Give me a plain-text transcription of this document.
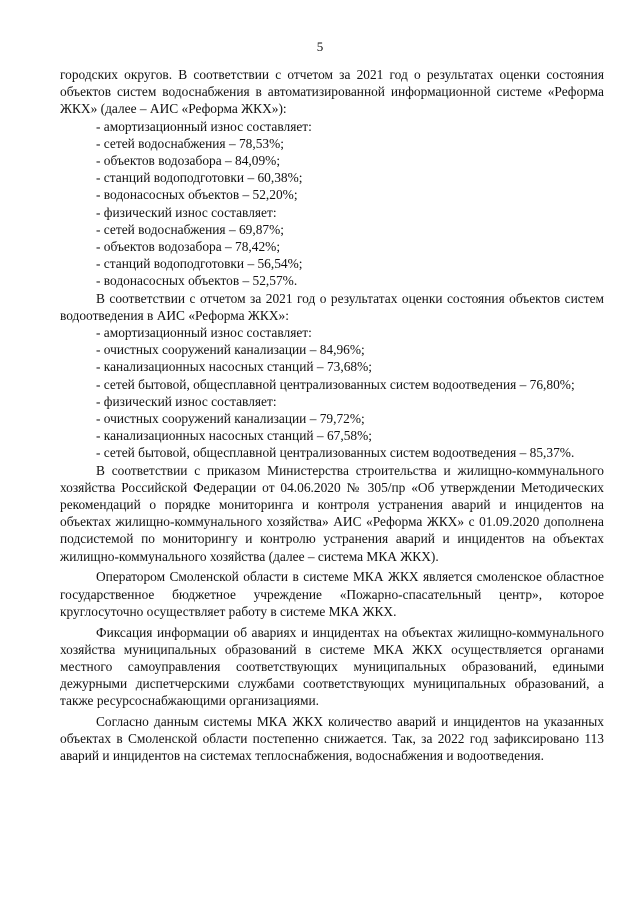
5

городских округов. В соответствии с отчетом за 2021 год о результатах оценки состояния объектов систем водоснабжения в автоматизированной информационной системе «Реформа ЖКХ» (далее – АИС «Реформа ЖКХ»):

- амортизационный износ составляет:

- сетей водоснабжения – 78,53%;

- объектов водозабора – 84,09%;

- станций водоподготовки – 60,38%;

- водонасосных объектов – 52,20%;

- физический износ составляет:

- сетей водоснабжения – 69,87%;

- объектов водозабора – 78,42%;

- станций водоподготовки – 56,54%;

- водонасосных объектов – 52,57%.

В соответствии с отчетом за 2021 год о результатах оценки состояния объектов систем водоотведения в АИС «Реформа ЖКХ»:

- амортизационный износ составляет:

- очистных сооружений канализации – 84,96%;

- канализационных насосных станций – 73,68%;

- сетей бытовой, общесплавной централизованных систем водоотведения – 76,80%;

- физический износ составляет:

- очистных сооружений канализации – 79,72%;

- канализационных насосных станций – 67,58%;

- сетей бытовой, общесплавной централизованных систем водоотведения – 85,37%.

В соответствии с приказом Министерства строительства и жилищно-коммунального хозяйства Российской Федерации от 04.06.2020 № 305/пр «Об утверждении Методических рекомендаций о порядке мониторинга и контроля устранения аварий и инцидентов на объектах жилищно-коммунального хозяйства» АИС «Реформа ЖКХ» с 01.09.2020 дополнена подсистемой по мониторингу и контролю устранения аварий и инцидентов на объектах жилищно-коммунального хозяйства (далее – система МКА ЖКХ).

Оператором Смоленской области в системе МКА ЖКХ является смоленское областное государственное бюджетное учреждение «Пожарно-спасательный центр», которое круглосуточно осуществляет работу в системе МКА ЖКХ.

Фиксация информации об авариях и инцидентах на объектах жилищно-коммунального хозяйства муниципальных образований в системе МКА ЖКХ осуществляется органами местного самоуправления соответствующих муниципальных образований, едиными дежурными диспетчерскими службами соответствующих муниципальных образований, а также ресурсоснабжающими организациями.

Согласно данным системы МКА ЖКХ количество аварий и инцидентов на указанных объектах в Смоленской области постепенно снижается. Так, за 2022 год зафиксировано 113 аварий и инцидентов на системах теплоснабжения, водоснабжения и водоотведения.
